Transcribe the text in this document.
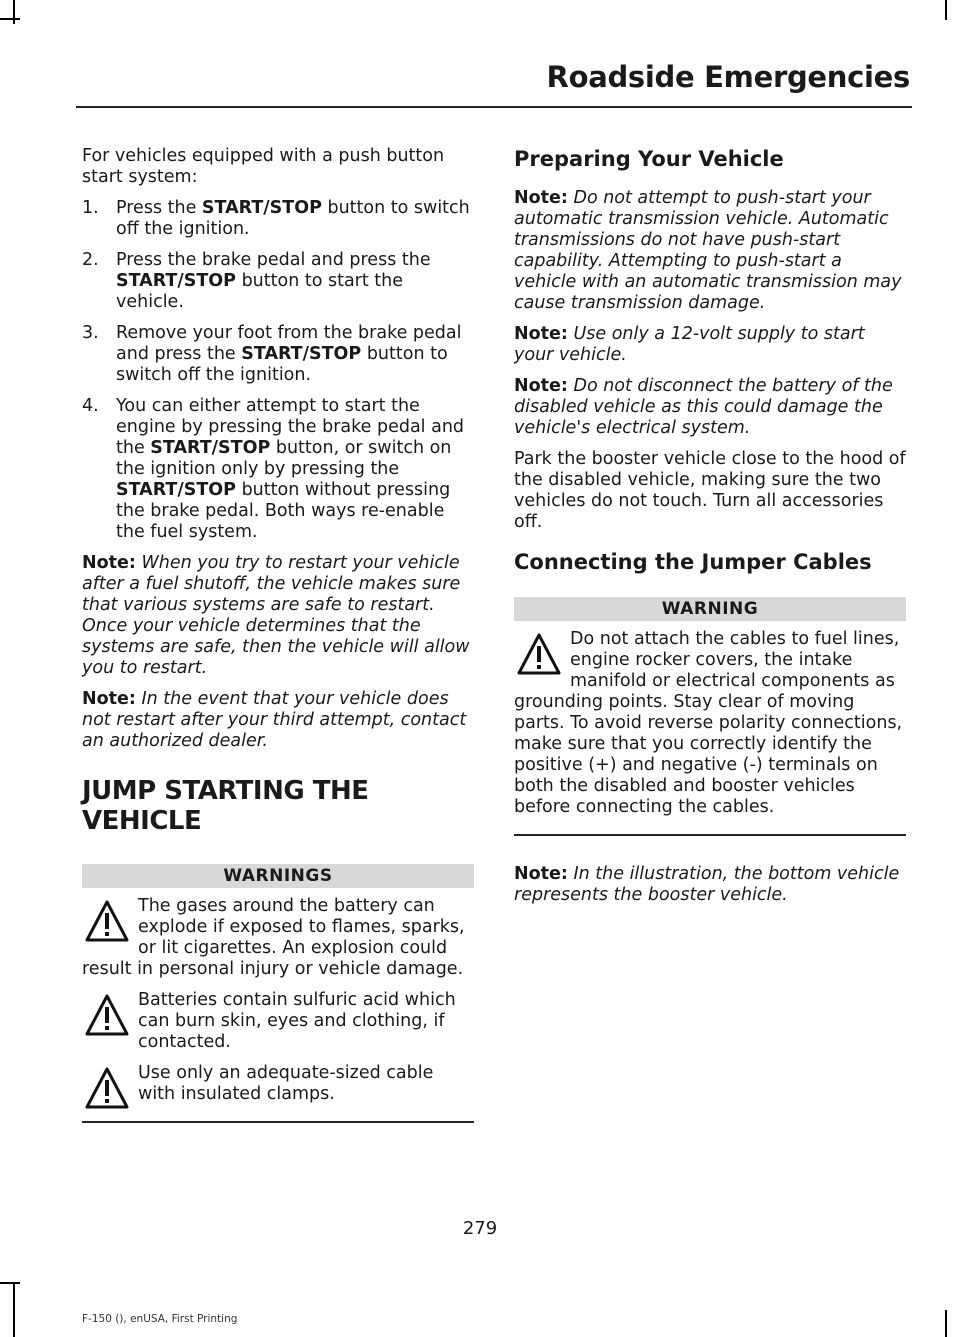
Roadside Emergencies

For vehicles equipped with a push button start system:

1. Press the START/STOP button to switch off the ignition.
2. Press the brake pedal and press the START/STOP button to start the vehicle.
3. Remove your foot from the brake pedal and press the START/STOP button to switch off the ignition.
4. You can either attempt to start the engine by pressing the brake pedal and the START/STOP button, or switch on the ignition only by pressing the START/STOP button without pressing the brake pedal. Both ways re-enable the fuel system.

Note: When you try to restart your vehicle after a fuel shutoff, the vehicle makes sure that various systems are safe to restart. Once your vehicle determines that the systems are safe, then the vehicle will allow you to restart.

Note: In the event that your vehicle does not restart after your third attempt, contact an authorized dealer.

JUMP STARTING THE VEHICLE
WARNINGS
The gases around the battery can explode if exposed to flames, sparks, or lit cigarettes. An explosion could result in personal injury or vehicle damage.
Batteries contain sulfuric acid which can burn skin, eyes and clothing, if contacted.
Use only an adequate-sized cable with insulated clamps.
Preparing Your Vehicle

Note: Do not attempt to push-start your automatic transmission vehicle. Automatic transmissions do not have push-start capability. Attempting to push-start a vehicle with an automatic transmission may cause transmission damage.

Note: Use only a 12-volt supply to start your vehicle.

Note: Do not disconnect the battery of the disabled vehicle as this could damage the vehicle's electrical system.

Park the booster vehicle close to the hood of the disabled vehicle, making sure the two vehicles do not touch. Turn all accessories off.

Connecting the Jumper Cables
WARNING
Do not attach the cables to fuel lines, engine rocker covers, the intake manifold or electrical components as grounding points. Stay clear of moving parts. To avoid reverse polarity connections, make sure that you correctly identify the positive (+) and negative (-) terminals on both the disabled and booster vehicles before connecting the cables.

Note: In the illustration, the bottom vehicle represents the booster vehicle.

279
F-150 (), enUSA, First Printing
